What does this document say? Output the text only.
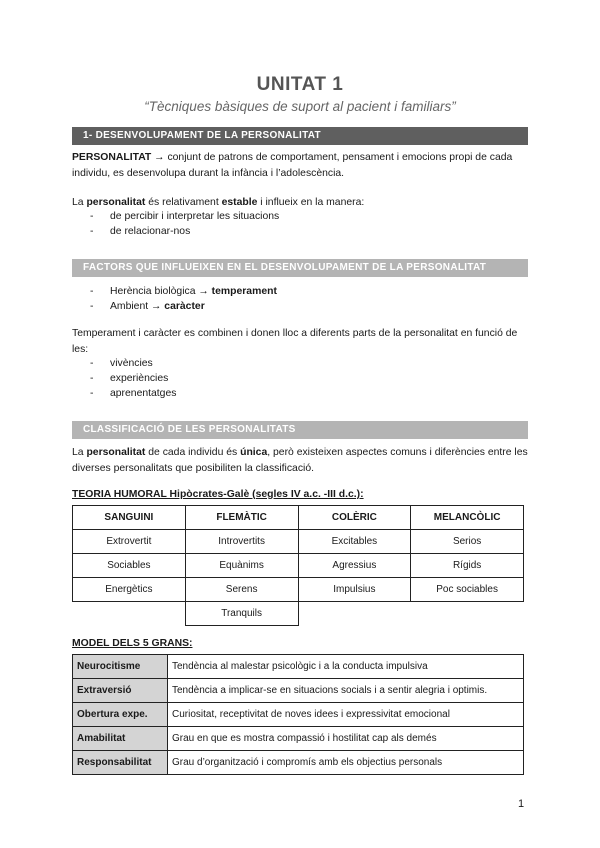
UNITAT 1
“Tècniques bàsiques de suport al pacient i familiars”
1- DESENVOLUPAMENT DE LA PERSONALITAT
PERSONALITAT → conjunt de patrons de comportament, pensament i emocions propi de cada individu, es desenvolupa durant la infància i l’adolescència.
La personalitat és relativament estable i influeix en la manera:
- de percibir i interpretar les situacions
- de relacionar-nos
FACTORS QUE INFLUEIXEN EN EL DESENVOLUPAMENT DE LA PERSONALITAT
- Herència biològica → temperament
- Ambient → caràcter
Temperament i caràcter es combinen i donen lloc a diferents parts de la personalitat en funció de les:
- vivències
- experiències
- aprenentatges
CLASSIFICACIÓ DE LES PERSONALITATS
La personalitat de cada individu és única, però existeixen aspectes comuns i diferències entre les diverses personalitats que posibiliten la classificació.
TEORIA HUMORAL Hipòcrates-Galè (segles IV a.c. -III d.c.):
SANGUINI	FLEMÀTIC	COLÈRIC	MELANCÒLIC
Extrovertit	Introvertits	Excitables	Serios
Sociables	Equànims	Agressius	Rígids
Energètics	Serens	Impulsius	Poc sociables
	Tranquils		
MODEL DELS 5 GRANS:
Neurocitisme	Tendència al malestar psicològic i a la conducta impulsiva
Extraversió	Tendència a implicar-se en situacions socials i a sentir alegria i optimis.
Obertura expe.	Curiositat, receptivitat de noves idees i expressivitat emocional
Amabilitat	Grau en que es mostra compassió i hostilitat cap als demés
Responsabilitat	Grau d’organització i compromís amb els objectius personals
1
